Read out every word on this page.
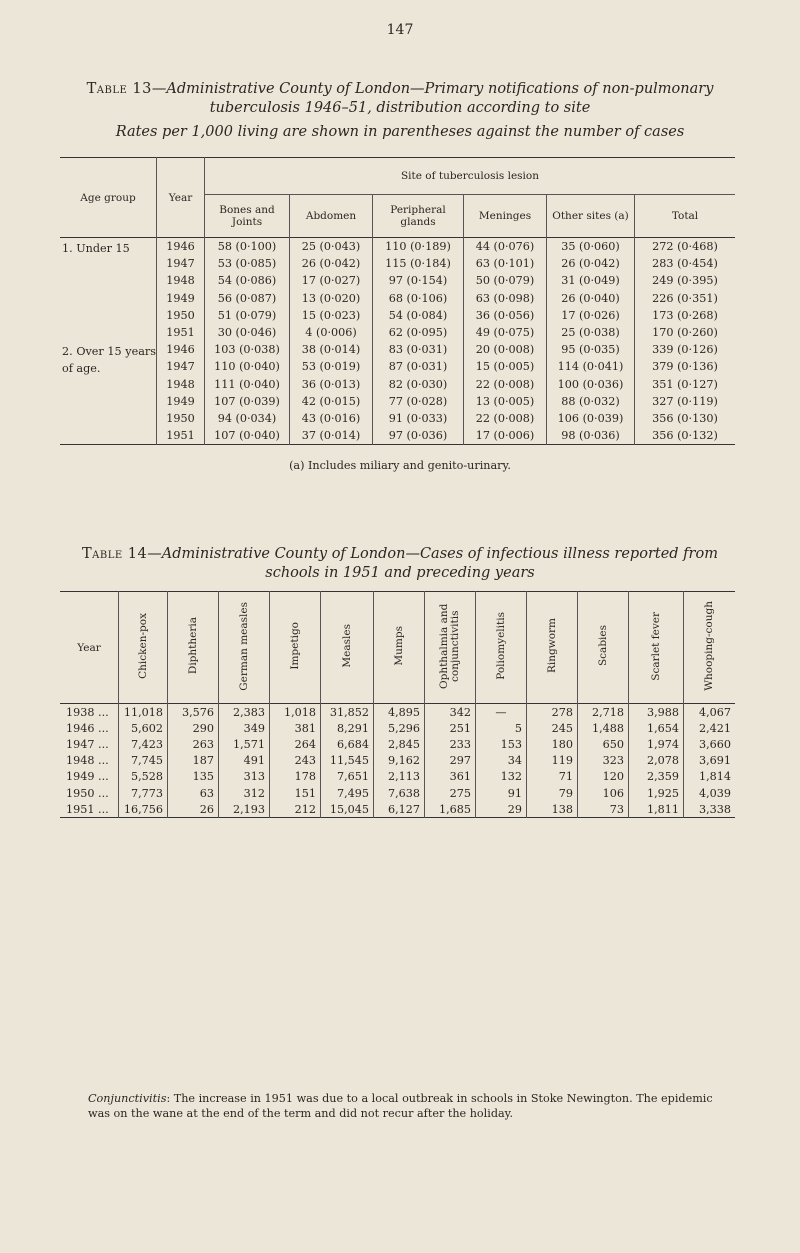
147
Table 13—Administrative County of London—Primary notifications of non-pulmonary tuberculosis 1946–51, distribution according to site
Rates per 1,000 living are shown in parentheses against the number of cases
Age group	Year	Site of tuberculosis lesion					
		Bones and Joints	Abdomen	Peripheral glands	Meninges	Other sites (a)	Total
1. Under 15	1946	58 (0·100)	25 (0·043)	110 (0·189)	44 (0·076)	35 (0·060)	272 (0·468)
	1947	53 (0·085)	26 (0·042)	115 (0·184)	63 (0·101)	26 (0·042)	283 (0·454)
	1948	54 (0·086)	17 (0·027)	97 (0·154)	50 (0·079)	31 (0·049)	249 (0·395)
	1949	56 (0·087)	13 (0·020)	68 (0·106)	63 (0·098)	26 (0·040)	226 (0·351)
	1950	51 (0·079)	15 (0·023)	54 (0·084)	36 (0·056)	17 (0·026)	173 (0·268)
	1951	30 (0·046)	4 (0·006)	62 (0·095)	49 (0·075)	25 (0·038)	170 (0·260)
2. Over 15 years of age.	1946	103 (0·038)	38 (0·014)	83 (0·031)	20 (0·008)	95 (0·035)	339 (0·126)
	1947	110 (0·040)	53 (0·019)	87 (0·031)	15 (0·005)	114 (0·041)	379 (0·136)
	1948	111 (0·040)	36 (0·013)	82 (0·030)	22 (0·008)	100 (0·036)	351 (0·127)
	1949	107 (0·039)	42 (0·015)	77 (0·028)	13 (0·005)	88 (0·032)	327 (0·119)
	1950	94 (0·034)	43 (0·016)	91 (0·033)	22 (0·008)	106 (0·039)	356 (0·130)
	1951	107 (0·040)	37 (0·014)	97 (0·036)	17 (0·006)	98 (0·036)	356 (0·132)
(a) Includes miliary and genito-urinary.
Table 14—Administrative County of London—Cases of infectious illness reported from schools in 1951 and preceding years
Year	Chicken-pox	Diphtheria	German measles	Impetigo	Measles	Mumps	Ophthalmia and conjunctivitis	Poliomyelitis	Ringworm	Scabies	Scarlet fever	Whooping-cough
1938 ...	11,018	3,576	2,383	1,018	31,852	4,895	342	—	278	2,718	3,988	4,067
1946 ...	5,602	290	349	381	8,291	5,296	251	5	245	1,488	1,654	2,421
1947 ...	7,423	263	1,571	264	6,684	2,845	233	153	180	650	1,974	3,660
1948 ...	7,745	187	491	243	11,545	9,162	297	34	119	323	2,078	3,691
1949 ...	5,528	135	313	178	7,651	2,113	361	132	71	120	2,359	1,814
1950 ...	7,773	63	312	151	7,495	7,638	275	91	79	106	1,925	4,039
1951 ...	16,756	26	2,193	212	15,045	6,127	1,685	29	138	73	1,811	3,338
Conjunctivitis: The increase in 1951 was due to a local outbreak in schools in Stoke Newington. The epidemic was on the wane at the end of the term and did not recur after the holiday.
